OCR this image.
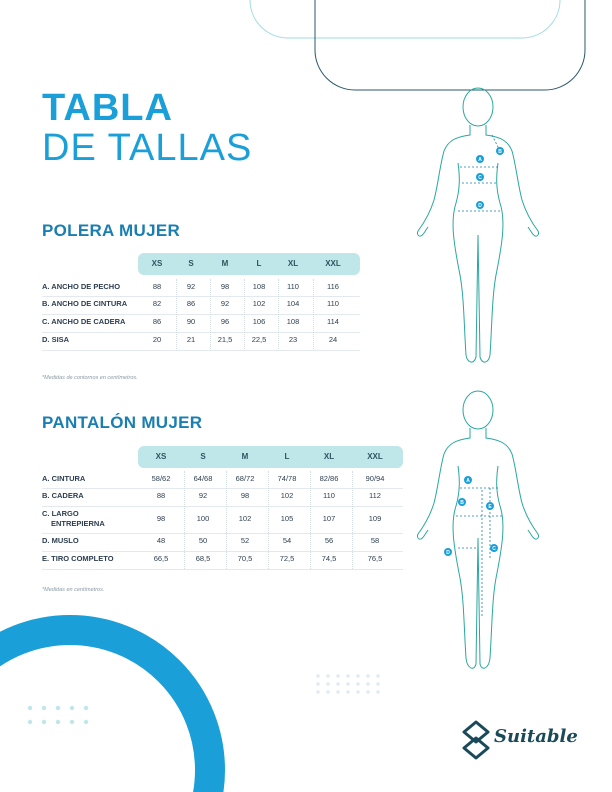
TABLA
DE TALLAS
POLERA MUJER
XS	S	M	L	XL	XXL
A. ANCHO DE PECHO	88	92	98	108	110	116
B. ANCHO DE CINTURA	82	86	92	102	104	110
C. ANCHO DE CADERA	86	90	96	106	108	114
D. SISA	20	21	21,5	22,5	23	24
*Medidas de contornos en centímetros.
PANTALÓN MUJER
XS	S	M	L	XL	XXL
A. CINTURA	58/62	64/68	68/72	74/78	82/86	90/94
B. CADERA	88	92	98	102	110	112
C. LARGO
ENTREPIERNA
98	100	102	105	107	109
D. MUSLO	48	50	52	54	56	58
E. TIRO COMPLETO	66,5	68,5	70,5	72,5	74,5	76,5
*Medidas en centímetros.
A
B
C
D
A
B
C
D
E
Suitable
